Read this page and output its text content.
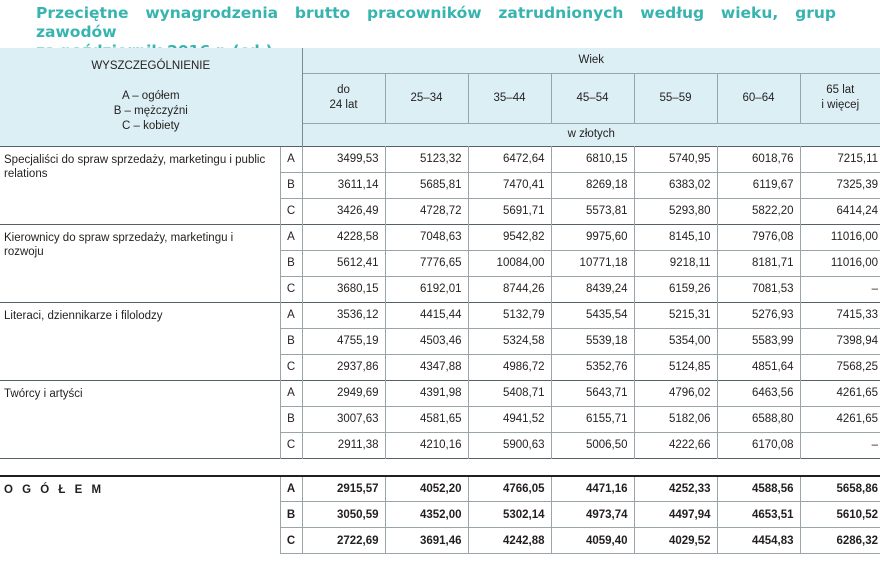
Przeciętne wynagrodzenia brutto pracowników zatrudnionych według wieku, grup zawodów
WYSZCZEGÓLNIENIE
A – ogółem
B – mężczyźni
C – kobiety		Wiek						

		do
24 lat	25–34	35–44	45–54	55–59	60–64	65 lat
i więcej

		w złotych						
Specjaliści do spraw sprzedaży, marketingu i public relations	A	3499,53	5123,32	6472,64	6810,15	5740,95	6018,76	7215,11
	B	3611,14	5685,81	7470,41	8269,18	6383,02	6119,67	7325,39
	C	3426,49	4728,72	5691,71	5573,81	5293,80	5822,20	6414,24
Kierownicy do spraw sprzedaży, marketingu i rozwoju	A	4228,58	7048,63	9542,82	9975,60	8145,10	7976,08	11016,00
	B	5612,41	7776,65	10084,00	10771,18	9218,11	8181,71	11016,00
	C	3680,15	6192,01	8744,26	8439,24	6159,26	7081,53	–
Literaci, dziennikarze i filolodzy	A	3536,12	4415,44	5132,79	5435,54	5215,31	5276,93	7415,33
	B	4755,19	4503,46	5324,58	5539,18	5354,00	5583,99	7398,94
	C	2937,86	4347,88	4986,72	5352,76	5124,85	4851,64	7568,25
Twórcy i artyści	A	2949,69	4391,98	5408,71	5643,71	4796,02	6463,56	4261,65
	B	3007,63	4581,65	4941,52	6155,71	5182,06	6588,80	4261,65
	C	2911,38	4210,16	5900,63	5006,50	4222,66	6170,08	–

O G Ó Ł E M	A	2915,57	4052,20	4766,05	4471,16	4252,33	4588,56	5658,86
	B	3050,59	4352,00	5302,14	4973,74	4497,94	4653,51	5610,52
	C	2722,69	3691,46	4242,88	4059,40	4029,52	4454,83	6286,32
